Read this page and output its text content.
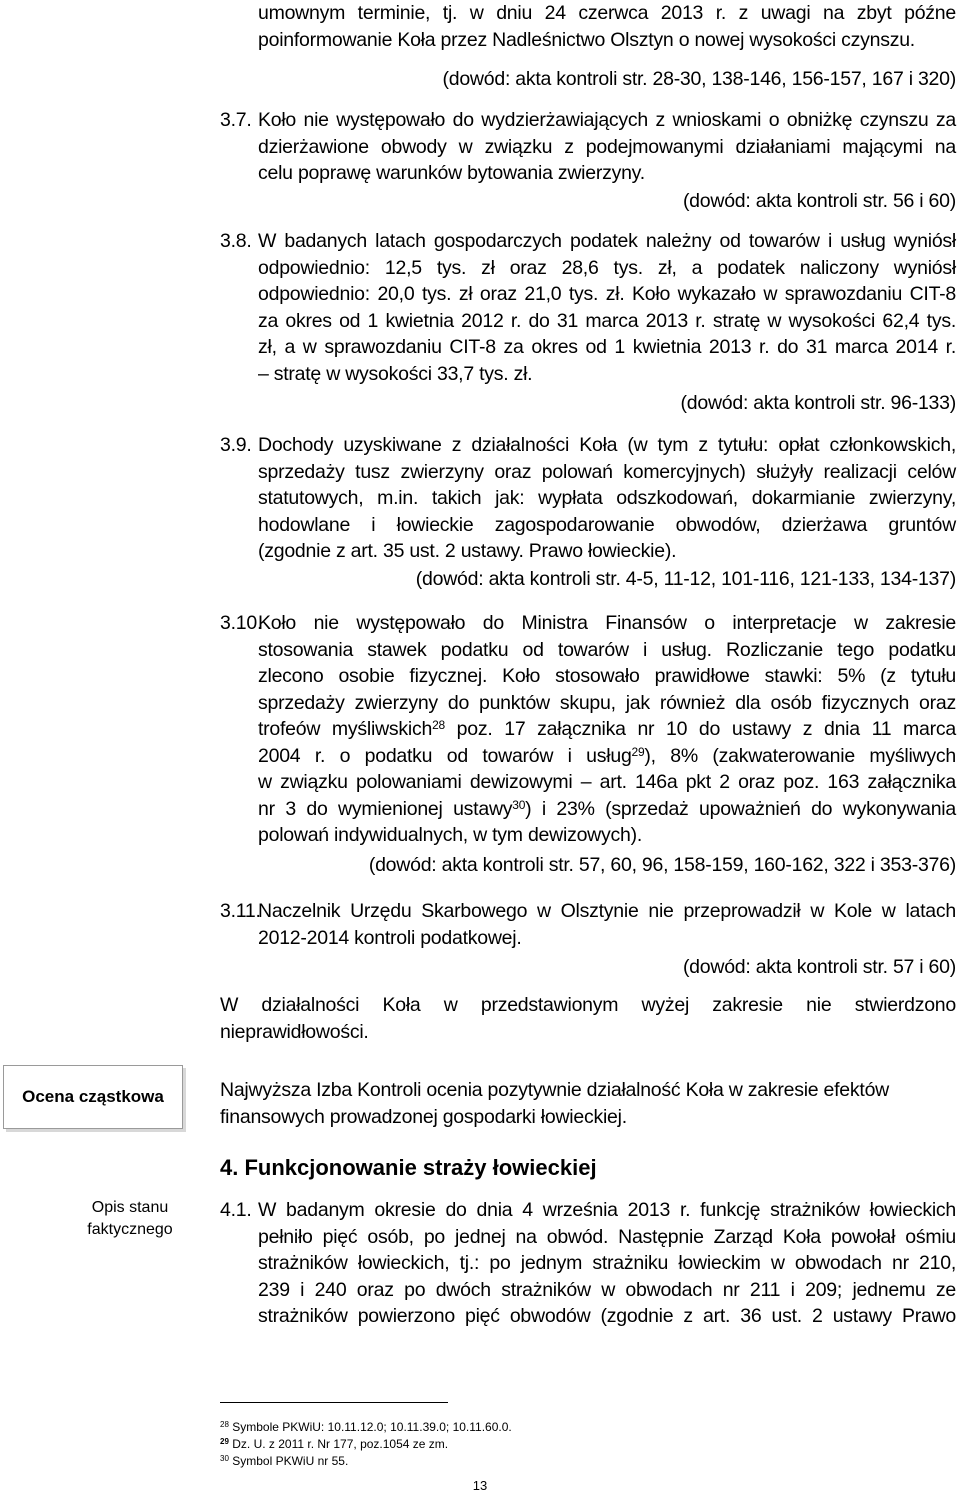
umownym terminie, tj. w dniu 24 czerwca 2013 r. z uwagi na zbyt późne
poinformowanie Koła przez Nadleśnictwo Olsztyn o nowej wysokości czynszu.
(dowód: akta kontroli str. 28-30, 138-146, 156-157, 167 i 320)
3.7. Koło nie występowało do wydzierżawiających z wnioskami o obniżkę czynszu za
dzierżawione obwody w związku z podejmowanymi działaniami mającymi na
celu poprawę warunków bytowania zwierzyny.
(dowód: akta kontroli str. 56 i 60)
3.8. W badanych latach gospodarczych podatek należny od towarów i usług wyniósł
odpowiednio: 12,5 tys. zł oraz 28,6 tys. zł, a podatek naliczony wyniósł
odpowiednio: 20,0 tys. zł oraz 21,0 tys. zł. Koło wykazało w sprawozdaniu CIT-8
za okres od 1 kwietnia 2012 r. do 31 marca 2013 r. stratę w wysokości 62,4 tys.
zł, a w sprawozdaniu CIT-8 za okres od 1 kwietnia 2013 r. do 31 marca 2014 r.
– stratę w wysokości 33,7 tys. zł.
(dowód: akta kontroli str. 96-133)
3.9. Dochody uzyskiwane z działalności Koła (w tym z tytułu: opłat członkowskich,
sprzedaży tusz zwierzyny oraz polowań komercyjnych) służyły realizacji celów
statutowych, m.in. takich jak: wypłata odszkodowań, dokarmianie zwierzyny,
hodowlane i łowieckie zagospodarowanie obwodów, dzierżawa gruntów
(zgodnie z art. 35 ust. 2 ustawy. Prawo łowieckie).
(dowód: akta kontroli str. 4-5, 11-12, 101-116, 121-133, 134-137)
3.10.
Koło nie występowało do Ministra Finansów o interpretacje w zakresie
stosowania stawek podatku od towarów i usług. Rozliczanie tego podatku
zlecono osobie fizycznej. Koło stosowało prawidłowe stawki: 5% (z tytułu
sprzedaży zwierzyny do punktów skupu, jak również dla osób fizycznych oraz
trofeów myśliwskich$^{28}$ poz. 17 załącznika nr 10 do ustawy z dnia 11 marca
2004 r. o podatku od towarów i usług$^{29}$), 8% (zakwaterowanie myśliwych
w związku polowaniami dewizowymi – art. 146a pkt 2 oraz poz. 163 załącznika
nr 3 do wymienionej ustawy$^{30}$) i 23% (sprzedaż upoważnień do wykonywania
polowań indywidualnych, w tym dewizowych).
(dowód: akta kontroli str. 57, 60, 96, 158-159, 160-162, 322 i 353-376)
3.11.
Naczelnik Urzędu Skarbowego w Olsztynie nie przeprowadził w Kole w latach
2012-2014 kontroli podatkowej.
(dowód: akta kontroli str. 57 i 60)
W działalności Koła w przedstawionym wyżej zakresie nie stwierdzono
nieprawidłowości.
Ocena cząstkowa
Opis stanu
faktycznego
Najwyższa Izba Kontroli ocenia pozytywnie działalność Koła w zakresie efektów
finansowych prowadzonej gospodarki łowieckiej.
4. Funkcjonowanie straży łowieckiej
4.1. W badanym okresie do dnia 4 września 2013 r. funkcję strażników łowieckich
pełniło pięć osób, po jednej na obwód. Następnie Zarząd Koła powołał ośmiu
strażników łowieckich, tj.: po jednym strażniku łowieckim w obwodach nr 210,
239 i 240 oraz po dwóch strażników w obwodach nr 211 i 209; jednemu ze
strażników powierzono pięć obwodów (zgodnie z art. 36 ust. 2 ustawy Prawo
$^{28}$ Symbole PKWiU: 10.11.12.0; 10.11.39.0; 10.11.60.0.
$^{29}$ Dz. U. z 2011 r. Nr 177, poz.1054 ze zm.
$^{30}$ Symbol PKWiU nr 55.
13
